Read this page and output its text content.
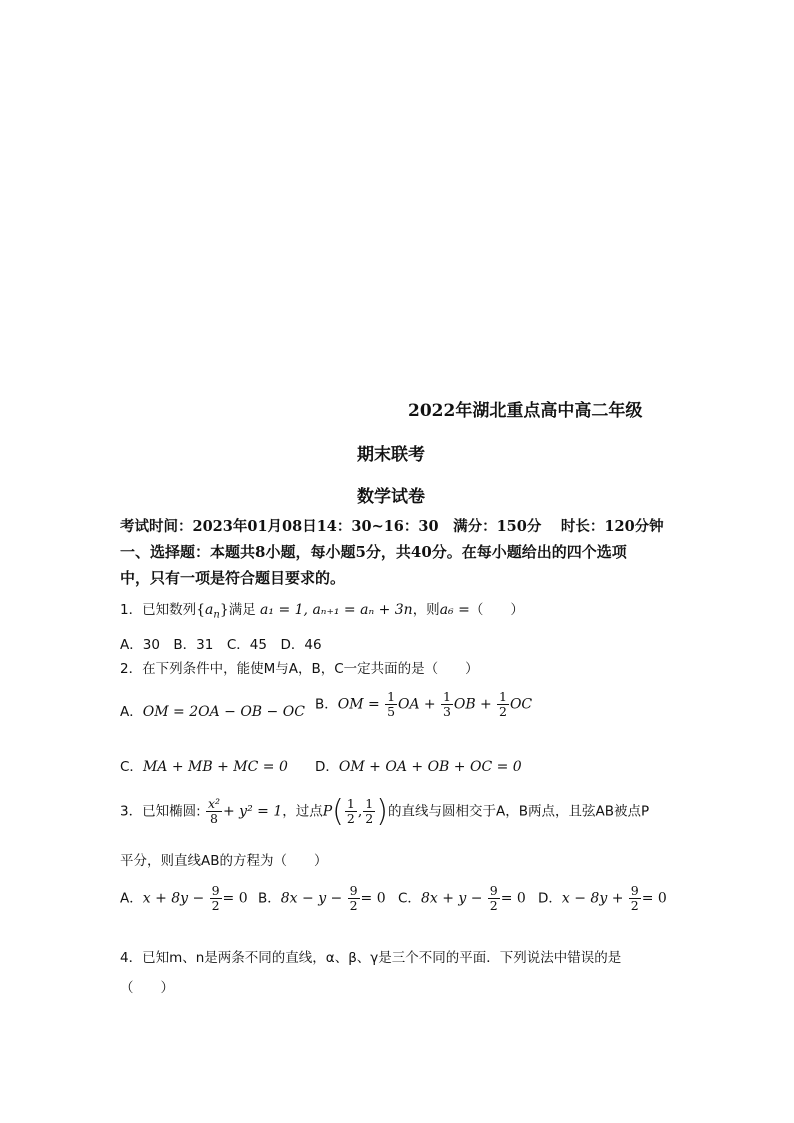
2022年湖北重点高中高二年级
期末联考
数学试卷
考试时间：2023年01月08日14：30~16：30　满分：150分　 时长：120分钟
一、选择题：本题共8小题，每小题5分，共40分。在每小题给出的四个选项
中，只有一项是符合题目要求的。
1．已知数列$\{a_n\}$满足 a₁ = 1, aₙ₊₁ = aₙ + 3n，则a₆ =（　　）
A．30　B．31　C．45　D．46
2．在下列条件中，能使M与A，B，C一定共面的是（　　）
A．OM = 2OA − OB − OC B．OM = $\frac{1}{5}$ OA + $\frac{1}{3}$ OB + $\frac{1}{2}$ OC
C．MA + MB + MC = 0 D．OM + OA + OB + OC = 0
3．已知椭圆: $\frac{\text{x²}}{8} + y^2 = 1$，过点$P( \frac{1}{2}$ , $\frac{1}{2}$ )的直线与圆相交于A，B两点，且弦AB被点P
平分，则直线AB的方程为（　　）
A．$x + 8y - \frac{9}{2} = 0$ B．$8x - y - \frac{9}{2} = 0$ C．$8x + y - \frac{9}{2} = 0$ D．$x - 8y + \frac{9}{2} = 0$
4．已知m、n是两条不同的直线，α、β、γ是三个不同的平面．下列说法中错误的是
（　　）
